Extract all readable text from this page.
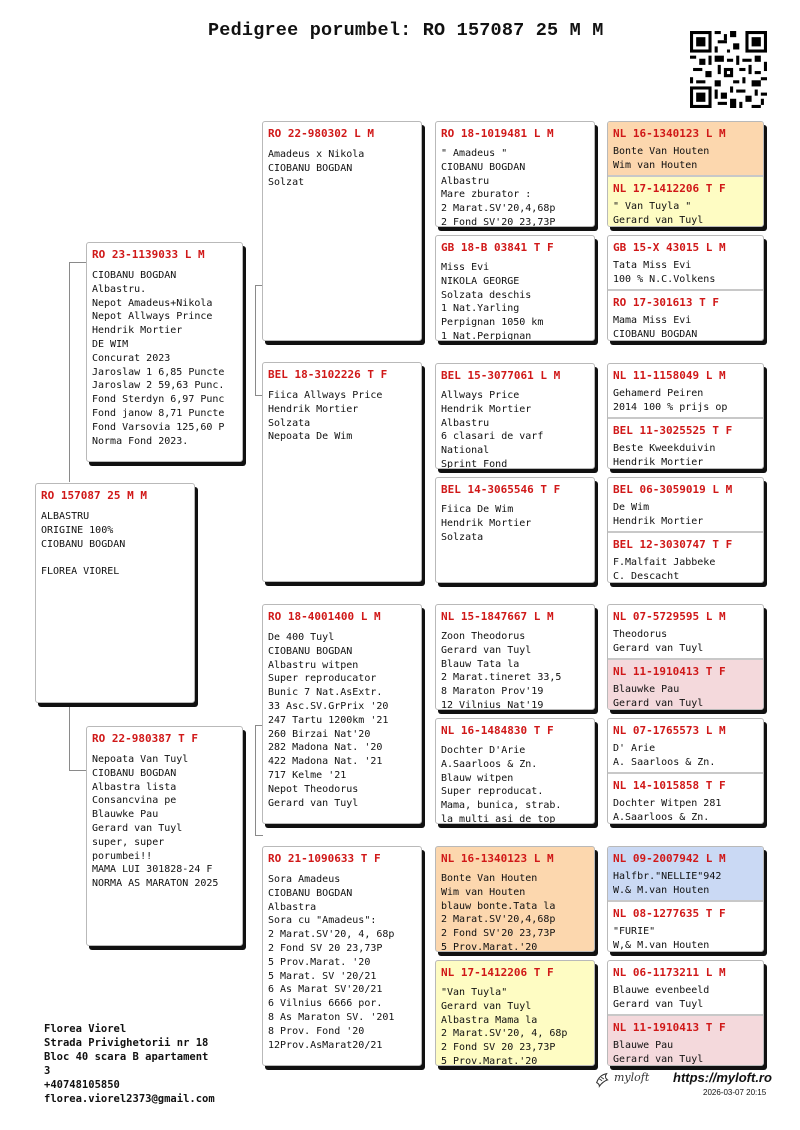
Pedigree porumbel: RO 157087 25 M M
RO 157087 25 M M
ALBASTRU
ORIGINE 100%
CIOBANU BOGDAN

FLOREA VIOREL
RO 23-1139033 L M
CIOBANU BOGDAN
Albastru.
Nepot Amadeus+Nikola
Nepot Allways Prince
Hendrik Mortier
DE WIM
Concurat 2023
Jaroslaw 1 6,85 Puncte
Jaroslaw 2 59,63 Punc.
Fond Sterdyn 6,97 Punc
Fond janow 8,71 Puncte
Fond Varsovia 125,60 P
Norma Fond 2023.
RO 22-980387 T F
Nepoata Van Tuyl
CIOBANU BOGDAN
Albastra lista
Consancvina pe
Blauwke Pau
Gerard van Tuyl
super, super
porumbei!!
MAMA LUI 301828-24 F
NORMA AS MARATON 2025
RO 22-980302 L M
Amadeus x Nikola
CIOBANU BOGDAN
Solzat
BEL 18-3102226 T F
Fiica Allways Price
Hendrik Mortier
Solzata
Nepoata De Wim
RO 18-4001400 L M
De 400 Tuyl
CIOBANU BOGDAN
Albastru witpen
Super reproducator
Bunic 7 Nat.AsExtr.
33 Asc.SV.GrPrix '20
247 Tartu 1200km '21
260 Birzai Nat'20
282 Madona Nat. '20
422 Madona Nat. '21
717 Kelme '21
Nepot Theodorus
Gerard van Tuyl
RO 21-1090633 T F
Sora Amadeus
CIOBANU BOGDAN
Albastra
Sora cu "Amadeus":
2 Marat.SV'20, 4, 68p
2 Fond SV 20 23,73P
5 Prov.Marat. '20
5 Marat. SV '20/21
6 As Marat SV'20/21
6 Vilnius 6666 por.
8 As Maraton SV. '201
8 Prov. Fond '20
12Prov.AsMarat20/21
RO 18-1019481 L M
" Amadeus "
CIOBANU BOGDAN
Albastru
Mare zburator :
2 Marat.SV'20,4,68p
2 Fond SV'20 23,73P
GB 18-B 03841 T F
Miss Evi
NIKOLA GEORGE
Solzata deschis
1 Nat.Yarling
Perpignan 1050 km
1 Nat.Perpignan
BEL 15-3077061 L M
Allways Price
Hendrik Mortier
Albastru
6 clasari de varf
National
Sprint Fond
BEL 14-3065546 T F
Fiica De Wim
Hendrik Mortier
Solzata
NL 15-1847667 L M
Zoon Theodorus
Gerard van Tuyl
Blauw Tata la
2 Marat.tineret 33,5
8 Maraton Prov'19
12 Vilnius Nat'19
NL 16-1484830 T F
Dochter D'Arie
A.Saarloos & Zn.
Blauw witpen
Super reproducat.
Mama, bunica, strab.
la multi asi de top
NL 16-1340123 L M
Bonte Van Houten
Wim van Houten
blauw bonte.Tata la
2 Marat.SV'20,4,68p
2 Fond SV'20 23,73P
5 Prov.Marat.'20
NL 17-1412206 T F
"Van Tuyla"
Gerard van Tuyl
Albastra Mama la
2 Marat.SV'20, 4, 68p
2 Fond SV 20 23,73P
5 Prov.Marat.'20
NL 16-1340123 L M
Bonte Van Houten
Wim van Houten
NL 17-1412206 T F
" Van Tuyla "
Gerard van Tuyl
GB 15-X 43015 L M
Tata Miss Evi
100 % N.C.Volkens
RO 17-301613 T F
Mama Miss Evi
CIOBANU BOGDAN
NL 11-1158049 L M
Gehamerd Peiren
2014 100 % prijs op
BEL 11-3025525 T F
Beste Kweekduivin
Hendrik Mortier
BEL 06-3059019 L M
De Wim
Hendrik Mortier
BEL 12-3030747 T F
F.Malfait Jabbeke
C. Descacht
NL 07-5729595 L M
Theodorus
Gerard van Tuyl
NL 11-1910413 T F
Blauwke Pau
Gerard van Tuyl
NL 07-1765573 L M
D' Arie
A. Saarloos & Zn.
NL 14-1015858 T F
Dochter Witpen 281
A.Saarloos & Zn.
NL 09-2007942 L M
Halfbr."NELLIE"942
W.& M.van Houten
NL 08-1277635 T F
"FURIE"
W,& M.van Houten
NL 06-1173211 L M
Blauwe evenbeeld
Gerard van Tuyl
NL 11-1910413 T F
Blauwe Pau
Gerard van Tuyl
Florea Viorel
Strada Privighetorii nr 18
Bloc 40 scara B apartament
3
+40748105850
florea.viorel2373@gmail.com
myloft https://myloft.ro
2026-03-07 20:15
